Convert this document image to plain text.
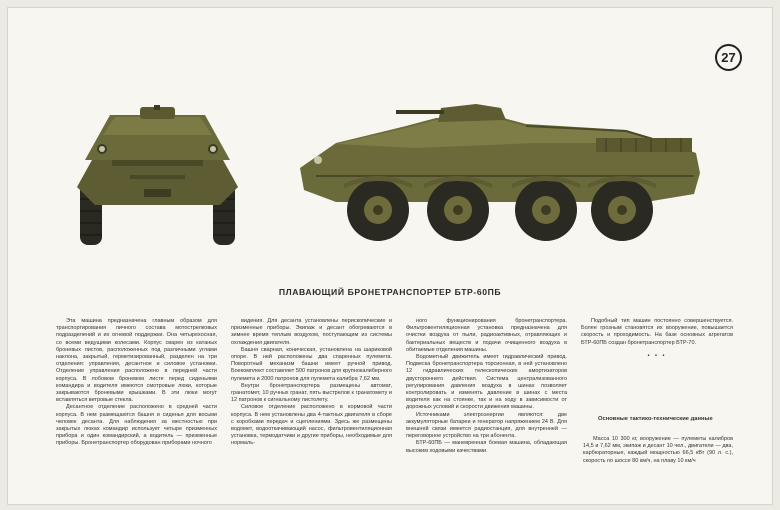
27
ПЛАВАЮЩИЙ БРОНЕТРАНСПОРТЕР БТР-60ПБ

Эта машина предназначена главным образом для транспортирования личного состава мотострелковых подразделений и их огневой поддержки. Она четырехосная, со всеми ведущими колесами. Корпус сварен из катаных броневых листов, расположенных под различными углами наклона, закрытый, герметизированный, разделен на три отделения: управления, десантное и силовое установки. Отделение управления расположено в передней части корпуса. В лобовом броневом листе перед сиденьями командира и водителя имеются смотровые люки, которые закрываются броневыми крышками. В эти люки могут вставляться ветровые стекла.

Десантное отделение расположено в средней части корпуса. В нем размещаются башня и сиденья для восьми человек десанта. Для наблюдения за местностью при закрытых люках командир использует четыре призменных прибора и один командирский, а водитель — призменные приборы. Бронетранспортер оборудован приборами ночного

видения. Для десанта установлены перископические и призменные приборы. Экипаж и десант обогреваются в зимнее время теплым воздухом, поступающим из системы охлаждения двигателя.

Башня сварная, коническая, установлена на шариковой опоре. В ней расположены два спаренных пулемета. Поворотный механизм башни имеет ручной привод. Боекомплект составляет 500 патронов для крупнокалиберного пулемета и 2000 патронов для пулемета калибра 7,62 мм.

Внутри бронетранспортера размещены автомат, гранатомет, 10 ручных гранат, пять выстрелов к гранатомету и 12 патронов к сигнальному пистолету.

Силовое отделение расположено в кормовой части корпуса. В нем установлены два 4-тактных двигателя в сборе с коробками передач и сцеплениями. Здесь же размещены водомет, водооткачивающий насос, фильтровентиляционная установка, термодатчики и другие приборы, необходимые для нормаль-

ного функционирования бронетранспортера. Фильтровентиляционная установка предназначена для очистки воздуха от пыли, радиоактивных, отравляющих и бактериальных веществ и подачи очищенного воздуха в обитаемые отделения машины.

Водометный движитель имеет гидравлический привод. Подвеска бронетранспортера торсионная, в ней установлено 12 гидравлических телескопических амортизаторов двустороннего действия. Система централизованного регулирования давления воздуха в шинах позволяет контролировать и изменять давление в шинах с места водителя как на стоянке, так и на ходу в зависимости от дорожных условий и скорости движения машины.

Источниками электроэнергии являются: две аккумуляторные батареи и генератор напряжением 24 В. Для внешней связи имеется радиостанция, для внутренней — переговорное устройство на три абонента.

БТР-60ПБ — маневренная боевая машина, обладающая высоким ходовыми качествами.

Подобный тип машин постоянно совершенствуется. Более грозным становятся их вооружение, повышается скорость и проходимость. На базе основных агрегатов БТР-60ПБ создан бронетранспортер БТР-70.

• • •
Основные тактико-технические данные

Масса 10 300 кг, вооружение — пулеметы калибров 14,5 и 7,62 мм, экипаж и десант 10 чел., двигатели — два, карбюраторные, каждый мощностью 66,5 кВт (90 л. с.), скорость по шоссе 80 км/ч, на плаву 10 км/ч
